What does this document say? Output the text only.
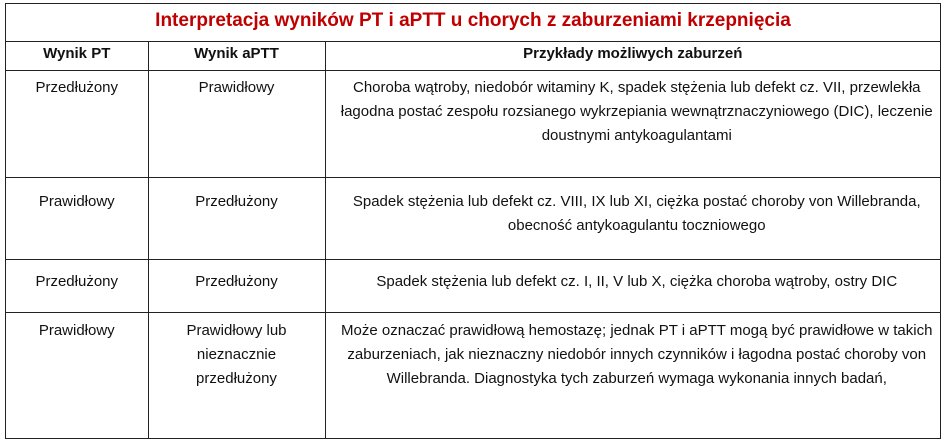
Interpretacja wyników PT i aPTT u chorych z zaburzeniami krzepnięcia
Wynik PT	Wynik aPTT	Przykłady możliwych zaburzeń
Przedłużony	Prawidłowy	Choroba wątroby, niedobór witaminy K, spadek stężenia lub defekt cz. VII, przewlekła łagodna postać zespołu rozsianego wykrzepiania wewnątrznaczyniowego (DIC), leczenie doustnymi antykoagulantami
Prawidłowy	Przedłużony	Spadek stężenia lub defekt cz. VIII, IX lub XI, ciężka postać choroby von Willebranda, obecność antykoagulantu toczniowego
Przedłużony	Przedłużony	Spadek stężenia lub defekt cz. I, II, V lub X, ciężka choroba wątroby, ostry DIC
Prawidłowy	Prawidłowy lub nieznacznie przedłużony	Może oznaczać prawidłową hemostazę; jednak PT i aPTT mogą być prawidłowe w takich zaburzeniach, jak nieznaczny niedobór innych czynników i łagodna postać choroby von Willebranda. Diagnostyka tych zaburzeń wymaga wykonania innych badań,
